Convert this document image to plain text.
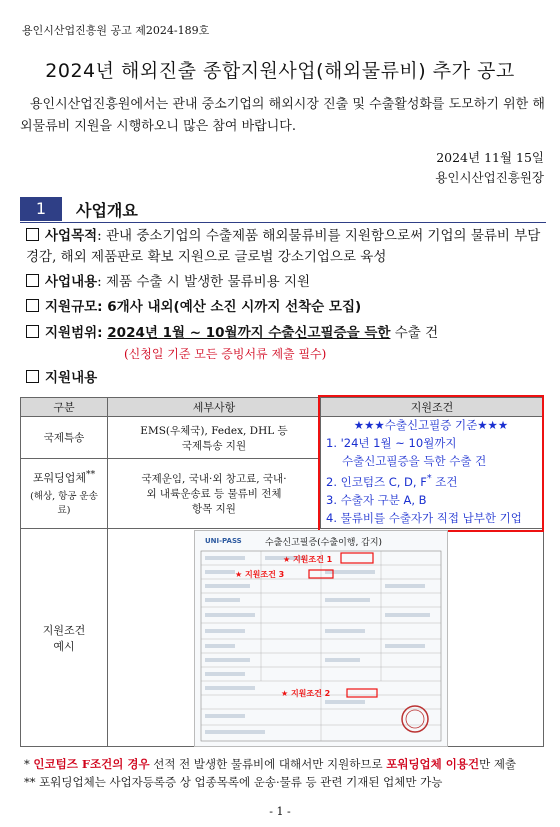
용인시산업진흥원 공고 제2024-189호
2024년 해외진출 종합지원사업(해외물류비) 추가 공고
용인시산업진흥원에서는 관내 중소기업의 해외시장 진출 및 수출활성화를 도모하기 위한 해외물류비 지원을 시행하오니 많은 참여 바랍니다.
2024년 11월 15일
용인시산업진흥원장
1	사업개요
사업목적: 관내 중소기업의 수출제품 해외물류비를 지원함으로써 기업의 물류비 부담 경감, 해외 제품판로 확보 지원으로 글로벌 강소기업으로 육성
사업내용: 제품 수출 시 발생한 물류비용 지원
지원규모: 6개사 내외(예산 소진 시까지 선착순 모집)
지원범위: 2024년 1월 ~ 10월까지 수출신고필증을 득한 수출 건
(신청일 기준 모든 증빙서류 제출 필수)
지원내용
구분	세부사항	지원조건
국제특송	EMS(우체국), Fedex, DHL 등 국제특송 지원	

포워딩업체**
(해상, 항공 운송료)	국제운임, 국내·외 창고료, 국내·외 내륙운송료 등 물류비 전체 항목 지원	
지원조건 예시		
★★★수출신고필증 기준★★★
1. '24년 1월 ~ 10월까지
수출신고필증을 득한 수출 건
2. 인코텀즈 C, D, F* 조건
3. 수출자 구분 A, B
4. 물류비를 수출자가 직접 납부한 기업
UNI-PASS	수출신고필증(수출이행, 갑지)
★ 지원조건 1
★ 지원조건 3
★ 지원조건 2
* 인코텀즈 F조건의 경우 선적 전 발생한 물류비에 대해서만 지원하므로 포워딩업체 이용건만 제출
** 포워딩업체는 사업자등록증 상 업종목록에 운송·물류 등 관련 기재된 업체만 가능
- 1 -
